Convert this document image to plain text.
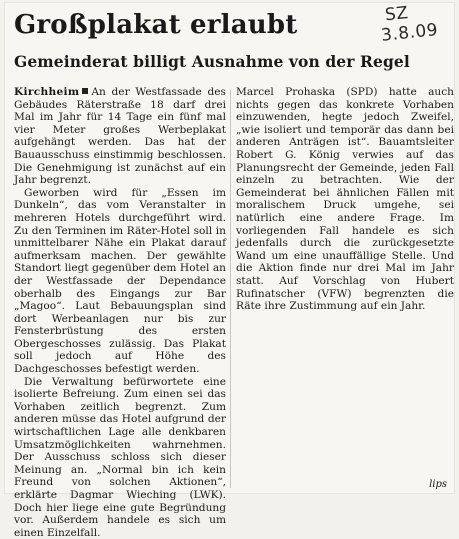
SZ
3.8.09
Großplakat erlaubt
Gemeinderat billigt Ausnahme von der Regel

Kirchheim An der Westfassade des Gebäudes Räterstraße 18 darf drei Mal im Jahr für 14 Tage ein fünf mal vier Meter großes Werbeplakat aufgehängt werden. Das hat der Bauausschuss einstimmig beschlossen. Die Genehmigung ist zunächst auf ein Jahr begrenzt.

Geworben wird für „Essen im Dunkeln“, das vom Veranstalter in mehreren Hotels durchgeführt wird. Zu den Terminen im Räter-Hotel soll in unmittelbarer Nähe ein Plakat darauf aufmerksam machen. Der gewählte Standort liegt gegenüber dem Hotel an der Westfassade der Dependance oberhalb des Eingangs zur Bar „Magoo“. Laut Bebauungsplan sind dort Werbeanlagen nur bis zur Fensterbrüstung des ersten Obergeschosses zulässig. Das Plakat soll jedoch auf Höhe des Dachgeschosses befestigt werden.

Die Verwaltung befürwortete eine isolierte Befreiung. Zum einen sei das Vorhaben zeitlich begrenzt. Zum anderen müsse das Hotel aufgrund der wirtschaftlichen Lage alle denkbaren Umsatzmöglichkeiten wahrnehmen. Der Ausschuss schloss sich dieser Meinung an. „Normal bin ich kein Freund von solchen Aktionen“, erklärte Dagmar Wieching (LWK). Doch hier liege eine gute Begründung vor. Außerdem handele es sich um einen Einzelfall.

Marcel Prohaska (SPD) hatte auch nichts gegen das konkrete Vorhaben einzuwenden, hegte jedoch Zweifel, „wie isoliert und temporär das dann bei anderen Anträgen ist“. Bauamtsleiter Robert G. König verwies auf das Planungsrecht der Gemeinde, jeden Fall einzeln zu betrachten. Wie der Gemeinderat bei ähnlichen Fällen mit moralischem Druck umgehe, sei natürlich eine andere Frage. Im vorliegenden Fall handele es sich jedenfalls durch die zurückgesetzte Wand um eine unauffällige Stelle. Und die Aktion finde nur drei Mal im Jahr statt. Auf Vorschlag von Hubert Rufinatscher (VFW) begrenzten die Räte ihre Zustimmung auf ein Jahr.

lips
